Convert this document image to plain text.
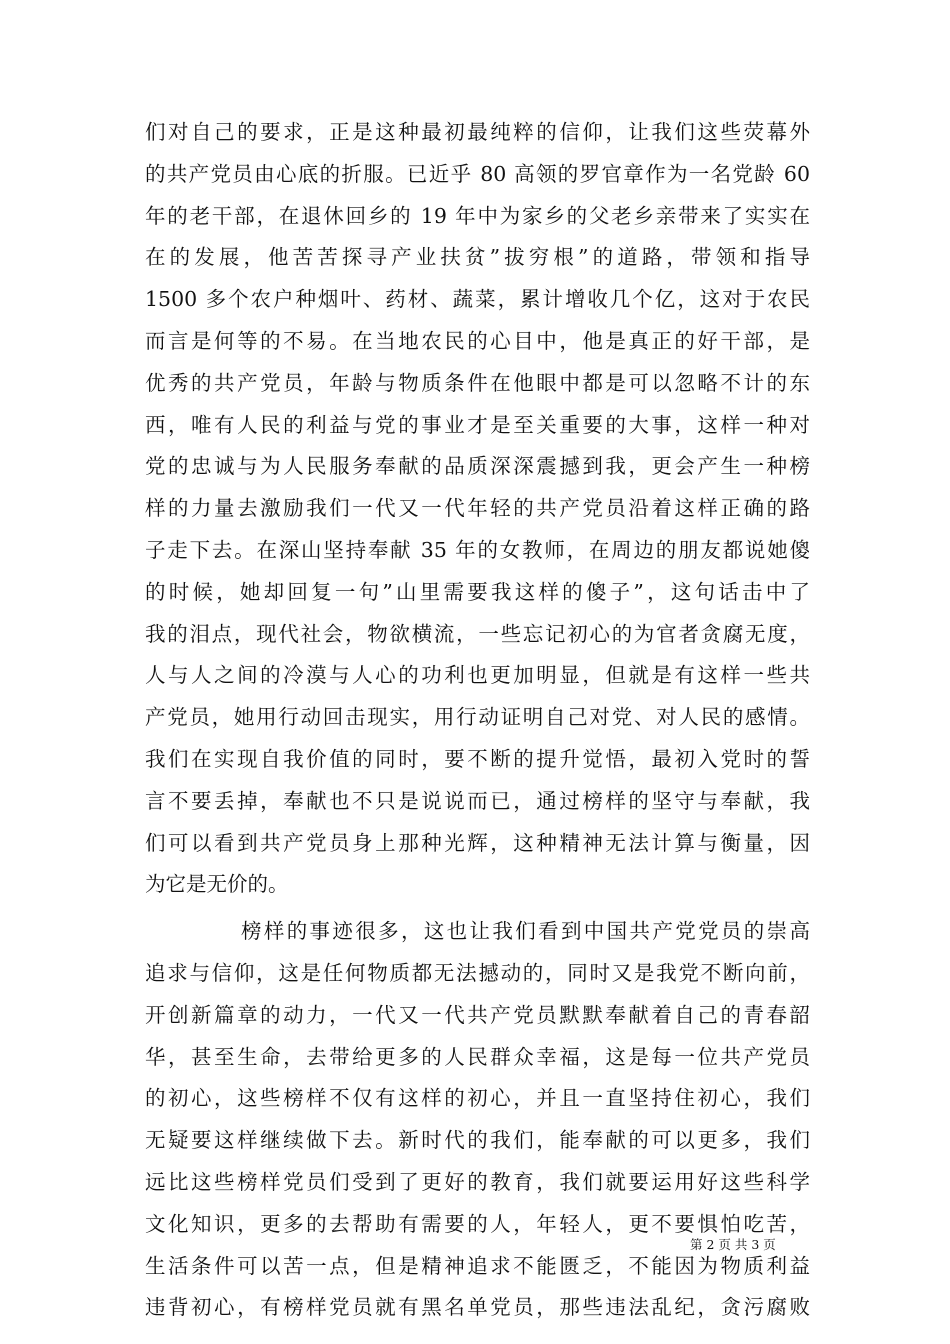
们对自己的要求，正是这种最初最纯粹的信仰，让我们这些荧幕外
的共产党员由心底的折服。已近乎 80 高领的罗官章作为一名党龄 60
年的老干部，在退休回乡的 19 年中为家乡的父老乡亲带来了实实在
在的发展，他苦苦探寻产业扶贫”拔穷根”的道路，带领和指导
1500 多个农户种烟叶、药材、蔬菜，累计增收几个亿，这对于农民
而言是何等的不易。在当地农民的心目中，他是真正的好干部，是
优秀的共产党员，年龄与物质条件在他眼中都是可以忽略不计的东
西，唯有人民的利益与党的事业才是至关重要的大事，这样一种对
党的忠诚与为人民服务奉献的品质深深震撼到我，更会产生一种榜
样的力量去激励我们一代又一代年轻的共产党员沿着这样正确的路
子走下去。在深山坚持奉献 35 年的女教师，在周边的朋友都说她傻
的时候，她却回复一句”山里需要我这样的傻子”，这句话击中了
我的泪点，现代社会，物欲横流，一些忘记初心的为官者贪腐无度，
人与人之间的冷漠与人心的功利也更加明显，但就是有这样一些共
产党员，她用行动回击现实，用行动证明自己对党、对人民的感情。
我们在实现自我价值的同时，要不断的提升觉悟，最初入党时的誓
言不要丢掉，奉献也不只是说说而已，通过榜样的坚守与奉献，我
们可以看到共产党员身上那种光辉，这种精神无法计算与衡量，因
为它是无价的。
榜样的事迹很多，这也让我们看到中国共产党党员的崇高
追求与信仰，这是任何物质都无法撼动的，同时又是我党不断向前，
开创新篇章的动力，一代又一代共产党员默默奉献着自己的青春韶
华，甚至生命，去带给更多的人民群众幸福，这是每一位共产党员
的初心，这些榜样不仅有这样的初心，并且一直坚持住初心，我们
无疑要这样继续做下去。新时代的我们，能奉献的可以更多，我们
远比这些榜样党员们受到了更好的教育，我们就要运用好这些科学
文化知识，更多的去帮助有需要的人，年轻人，更不要惧怕吃苦，
生活条件可以苦一点，但是精神追求不能匮乏，不能因为物质利益
违背初心，有榜样党员就有黑名单党员，那些违法乱纪，贪污腐败
第 2 页 共 3 页
